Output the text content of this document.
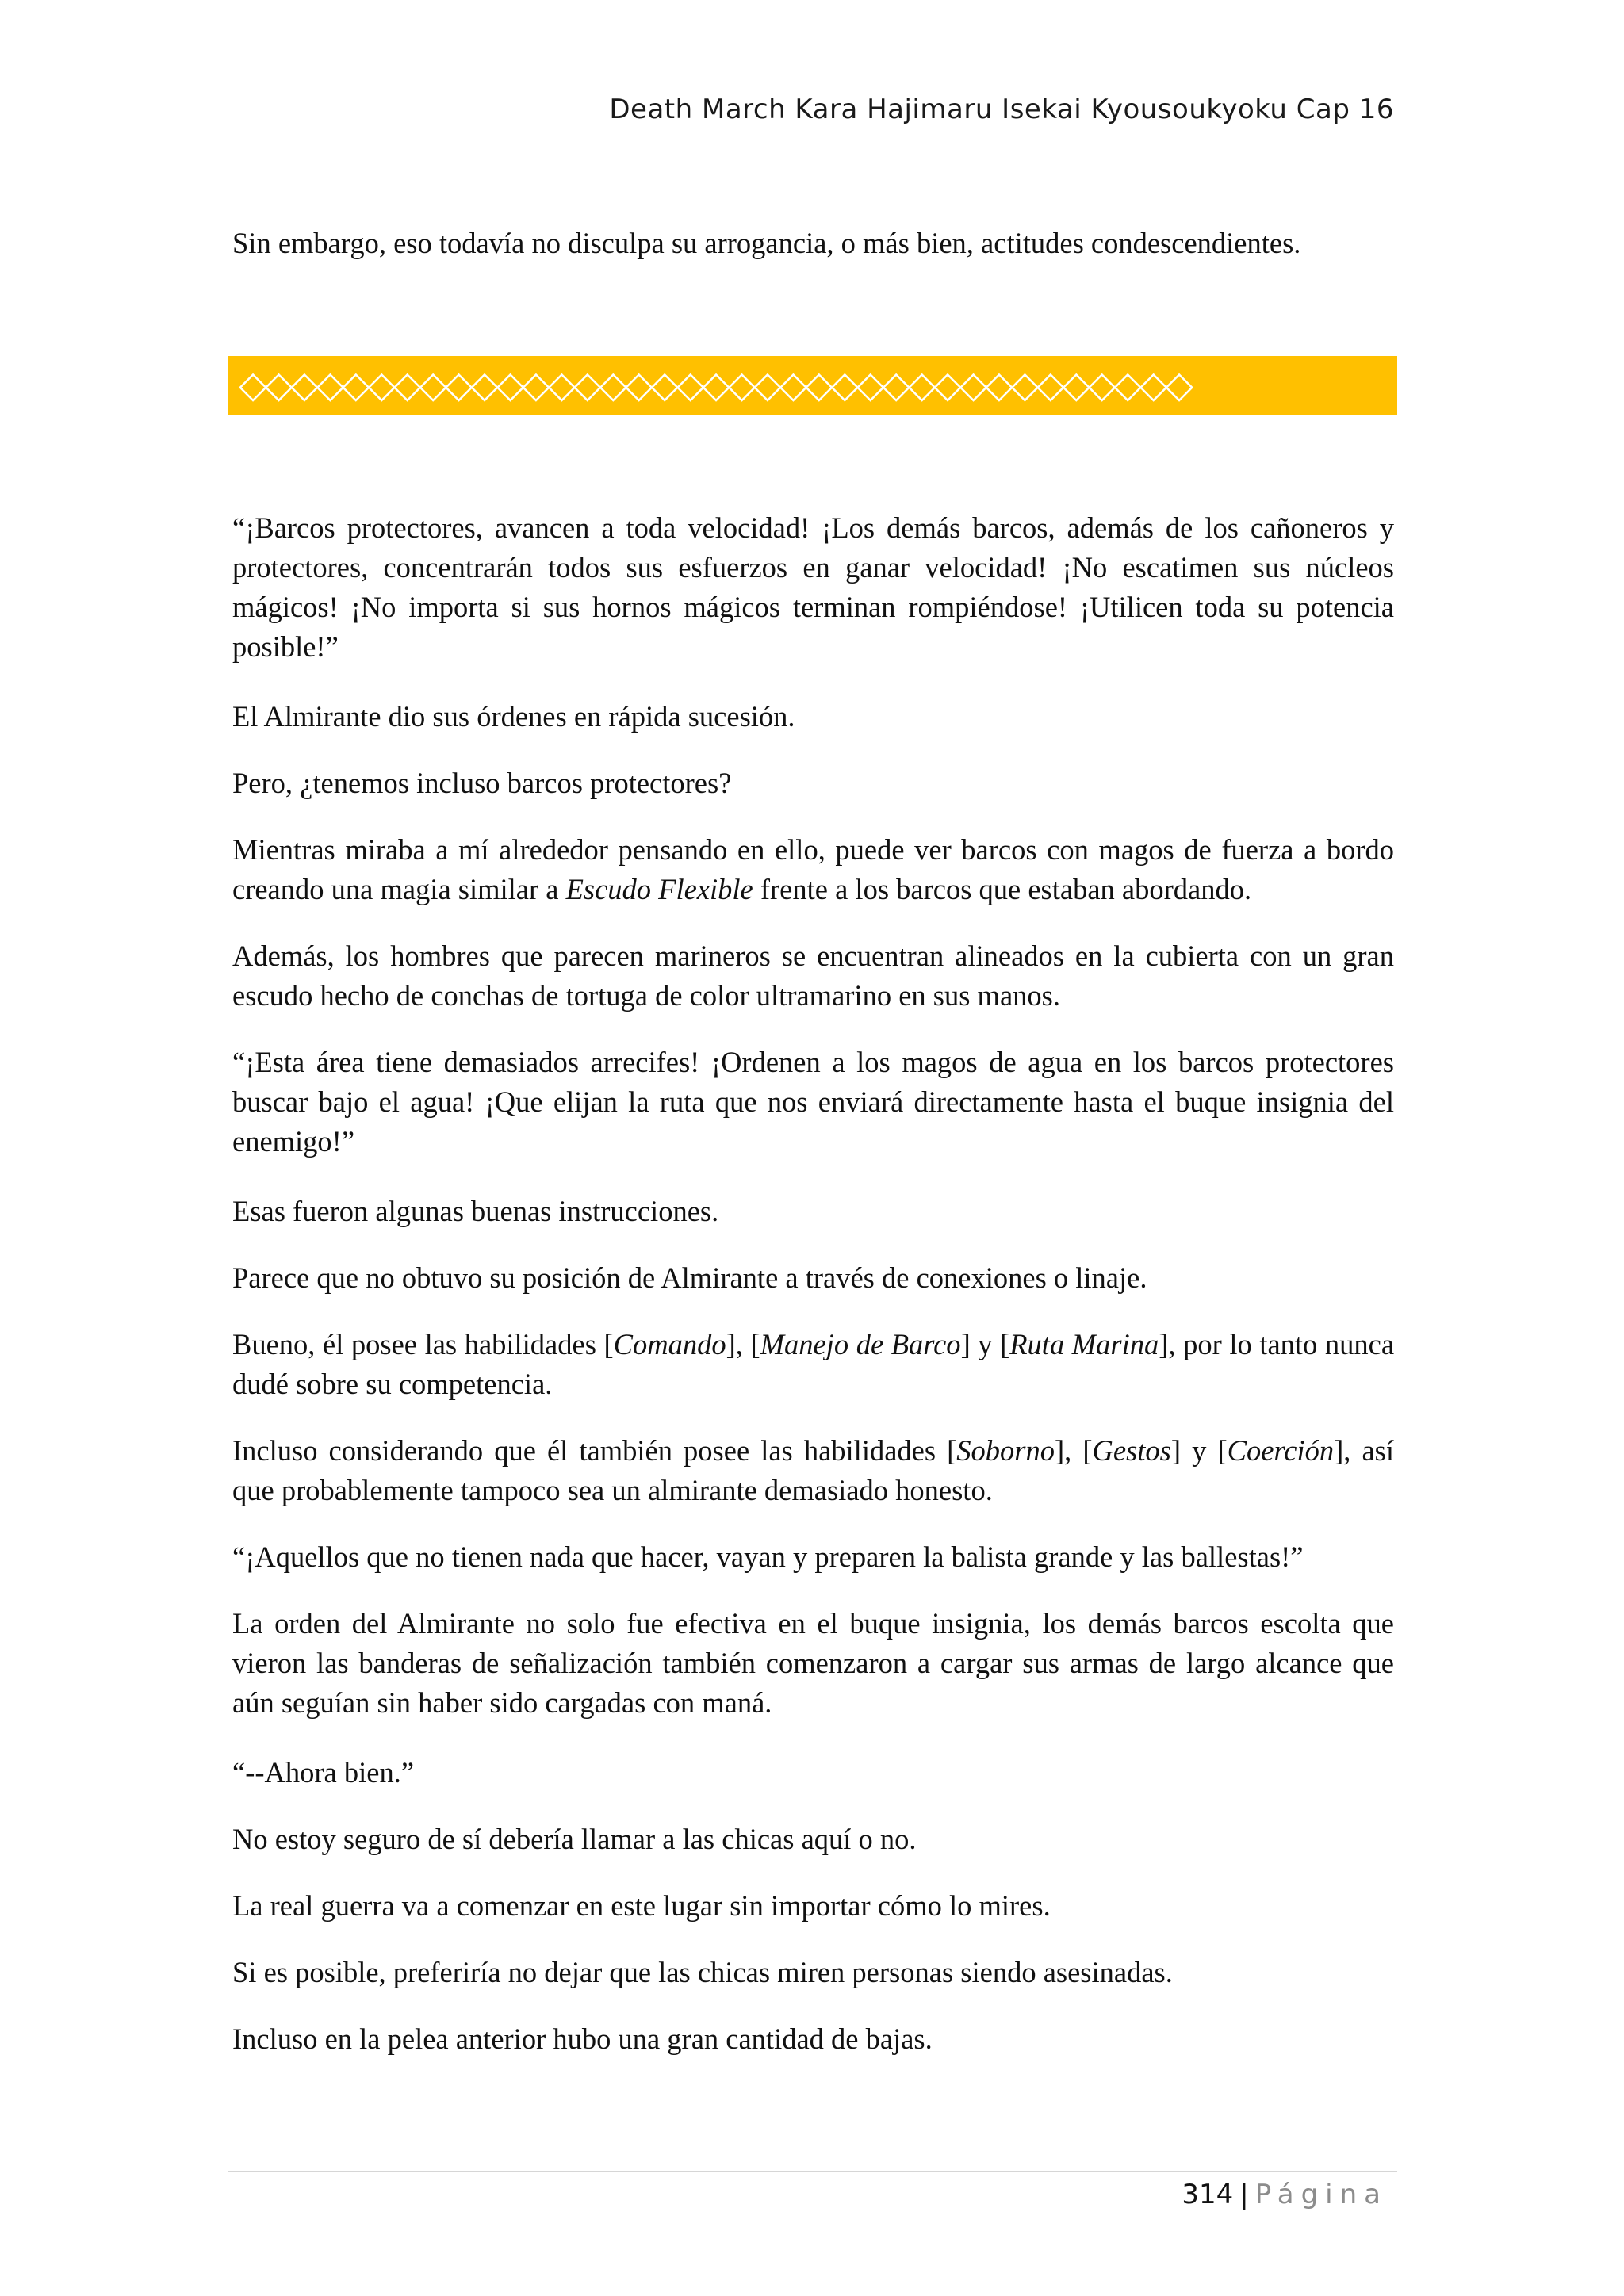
Death March Kara Hajimaru Isekai Kyousoukyoku Cap 16

Sin embargo, eso todavía no disculpa su arrogancia, o más bien, actitudes condescendientes.

◇◇◇◇◇◇◇◇◇◇◇◇◇◇◇◇◇◇◇◇◇◇◇◇◇◇◇◇◇◇◇◇◇◇◇◇◇

“¡Barcos protectores, avancen a toda velocidad! ¡Los demás barcos, además de los cañoneros y protectores, concentrarán todos sus esfuerzos en ganar velocidad! ¡No escatimen sus núcleos mágicos! ¡No importa si sus hornos mágicos terminan rompiéndose! ¡Utilicen toda su potencia posible!”

El Almirante dio sus órdenes en rápida sucesión.

Pero, ¿tenemos incluso barcos protectores?

Mientras miraba a mí alrededor pensando en ello, puede ver barcos con magos de fuerza a bordo creando una magia similar a Escudo Flexible frente a los barcos que estaban abordando.

Además, los hombres que parecen marineros se encuentran alineados en la cubierta con un gran escudo hecho de conchas de tortuga de color ultramarino en sus manos.

“¡Esta área tiene demasiados arrecifes! ¡Ordenen a los magos de agua en los barcos protectores buscar bajo el agua! ¡Que elijan la ruta que nos enviará directamente hasta el buque insignia del enemigo!”

Esas fueron algunas buenas instrucciones.

Parece que no obtuvo su posición de Almirante a través de conexiones o linaje.

Bueno, él posee las habilidades [Comando], [Manejo de Barco] y [Ruta Marina], por lo tanto nunca dudé sobre su competencia.

Incluso considerando que él también posee las habilidades [Soborno], [Gestos] y [Coerción], así que probablemente tampoco sea un almirante demasiado honesto.

“¡Aquellos que no tienen nada que hacer, vayan y preparen la balista grande y las ballestas!”

La orden del Almirante no solo fue efectiva en el buque insignia, los demás barcos escolta que vieron las banderas de señalización también comenzaron a cargar sus armas de largo alcance que aún seguían sin haber sido cargadas con maná.

“--Ahora bien.”

No estoy seguro de sí debería llamar a las chicas aquí o no.

La real guerra va a comenzar en este lugar sin importar cómo lo mires.

Si es posible, preferiría no dejar que las chicas miren personas siendo asesinadas.

Incluso en la pelea anterior hubo una gran cantidad de bajas.

314 | Página
